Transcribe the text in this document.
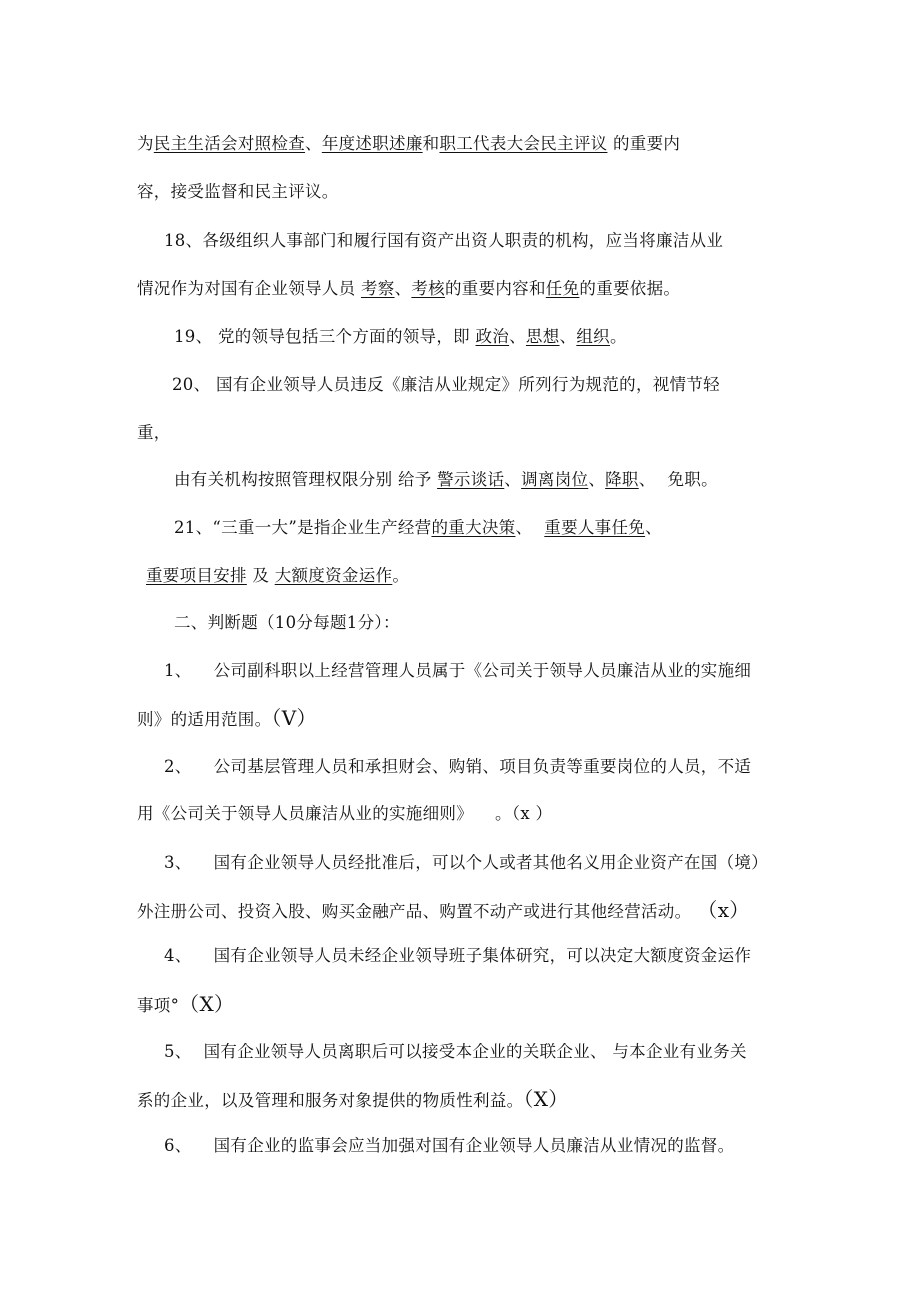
为民主生活会对照检查、年度述职述廉和职工代表大会民主评议 的重要内
容，接受监督和民主评议。
18、各级组织人事部门和履行国有资产出资人职责的机构，应当将廉洁从业
情况作为对国有企业领导人员 考察、考核的重要内容和任免的重要依据。
19、 党的领导包括三个方面的领导，即 政治、思想、组织。
20、 国有企业领导人员违反《廉洁从业规定》所列行为规范的，视情节轻
重，
由有关机构按照管理权限分别 给予 警示谈话、调离岗位、降职、 免职。
21、“三重一大”是指企业生产经营的重大决策、 重要人事任免、
重要项目安排 及 大额度资金运作。
二、判断题（10分每题1分）：
1、 公司副科职以上经营管理人员属于《公司关于领导人员廉洁从业的实施细
则》的适用范围。（V）
2、 公司基层管理人员和承担财会、购销、项目负责等重要岗位的人员，不适
用《公司关于领导人员廉洁从业的实施细则》 。（x ）
3、 国有企业领导人员经批准后，可以个人或者其他名义用企业资产在国（境）
外注册公司、投资入股、购买金融产品、购置不动产或进行其他经营活动。 （x）
4、 国有企业领导人员未经企业领导班子集体研究，可以决定大额度资金运作
事项°（X）
5、 国有企业领导人员离职后可以接受本企业的关联企业、 与本企业有业务关
系的企业，以及管理和服务对象提供的物质性利益。（X）
6、 国有企业的监事会应当加强对国有企业领导人员廉洁从业情况的监督。
